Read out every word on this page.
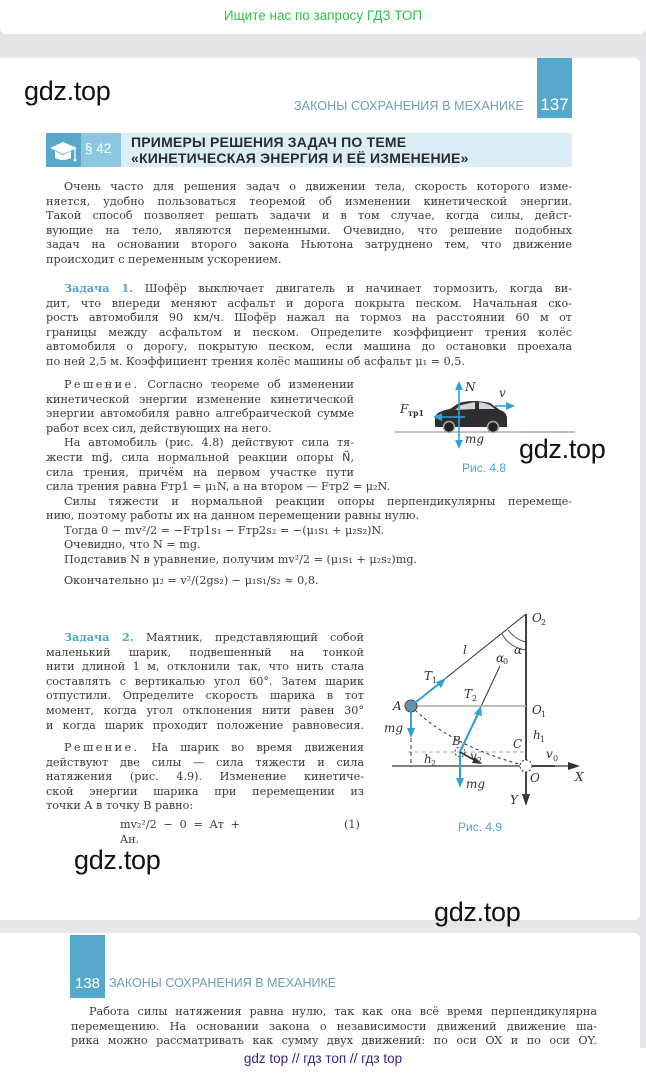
Ищите нас по запросу ГДЗ ТОП
137
ЗАКОНЫ СОХРАНЕНИЯ В МЕХАНИКЕ
gdz.top
§ 42	ПРИМЕРЫ РЕШЕНИЯ ЗАДАЧ ПО ТЕМЕ
«КИНЕТИЧЕСКАЯ ЭНЕРГИЯ И ЕЁ ИЗМЕНЕНИЕ»
Очень часто для решения задач о движении тела, скорость которого изме-
няется, удобно пользоваться теоремой об изменении кинетической энергии.
Такой способ позволяет решать задачи и в том случае, когда силы, дейст-
вующие на тело, являются переменными. Очевидно, что решение подобных
задач на основании второго закона Ньютона затруднено тем, что движение
происходит с переменным ускорением.
Задача 1. Шофёр выключает двигатель и начинает тормозить, когда ви-
дит, что впереди меняют асфальт и дорога покрыта песком. Начальная ско-
рость автомобиля 90 км/ч. Шофёр нажал на тормоз на расстоянии 60 м от
границы между асфальтом и песком. Определите коэффициент трения колёс
автомобиля о дорогу, покрытую песком, если машина до остановки проехала
по ней 2,5 м. Коэффициент трения колёс машины об асфальт μ₁ = 0,5.
Решение. Согласно теореме об изменении
кинетической энергии изменение кинетической
энергии автомобиля равно алгебраической сумме
работ всех сил, действующих на него.
На автомобиль (рис. 4.8) действуют сила тя-
жести mg⃗, сила нормальной реакции опоры N⃗,
сила трения, причём на первом участке пути
сила трения равна Fтр1 = μ₁N, а на втором — Fтр2 = μ₂N.
Силы тяжести и нормальной реакции опоры перпендикулярны перемеще-
нию, поэтому работы их на данном перемещении равны нулю.
Тогда 0 − mv²/2 = −Fтр1s₁ − Fтр2s₂ = −(μ₁s₁ + μ₂s₂)N.
Очевидно, что N = mg.
Подставив N в уравнение, получим mv²/2 = (μ₁s₁ + μ₂s₂)mg.
Окончательно μ₂ = v²/(2gs₂) − μ₁s₁/s₂ ≈ 0,8.
N v
F тр1
mg
Рис. 4.8
gdz.top
Задача 2. Маятник, представляющий собой
маленький шарик, подвешенный на тонкой
нити длиной 1 м, отклонили так, что нить стала
составлять с вертикалью угол 60°. Затем шарик
отпустили. Определите скорость шарика в тот
момент, когда угол отклонения нити равен 30°
и когда шарик проходит положение равновесия.
Решение. На шарик во время движения
действуют две силы — сила тяжести и сила
натяжения (рис. 4.9). Изменение кинетиче-
ской энергии шарика при перемещении из
точки A в точку B равно:
mv₂²/2 − 0 = Aт + Aн.
(1)
O 2
O 1
O
A
B	C
l	α
α
0
T 1
T 2
mg
mg
v 2	v 0
h 1
h 2
X
Y
Рис. 4.9
gdz.top
gdz.top
138 ЗАКОНЫ СОХРАНЕНИЯ В МЕХАНИКЕ
Работа силы натяжения равна нулю, так как она всё время перпендикулярна
перемещению. На основании закона о независимости движений движение ша-
рика можно рассматривать как сумму двух движений: по оси OX и по оси OY.
gdz top // гдз топ // гдз top
